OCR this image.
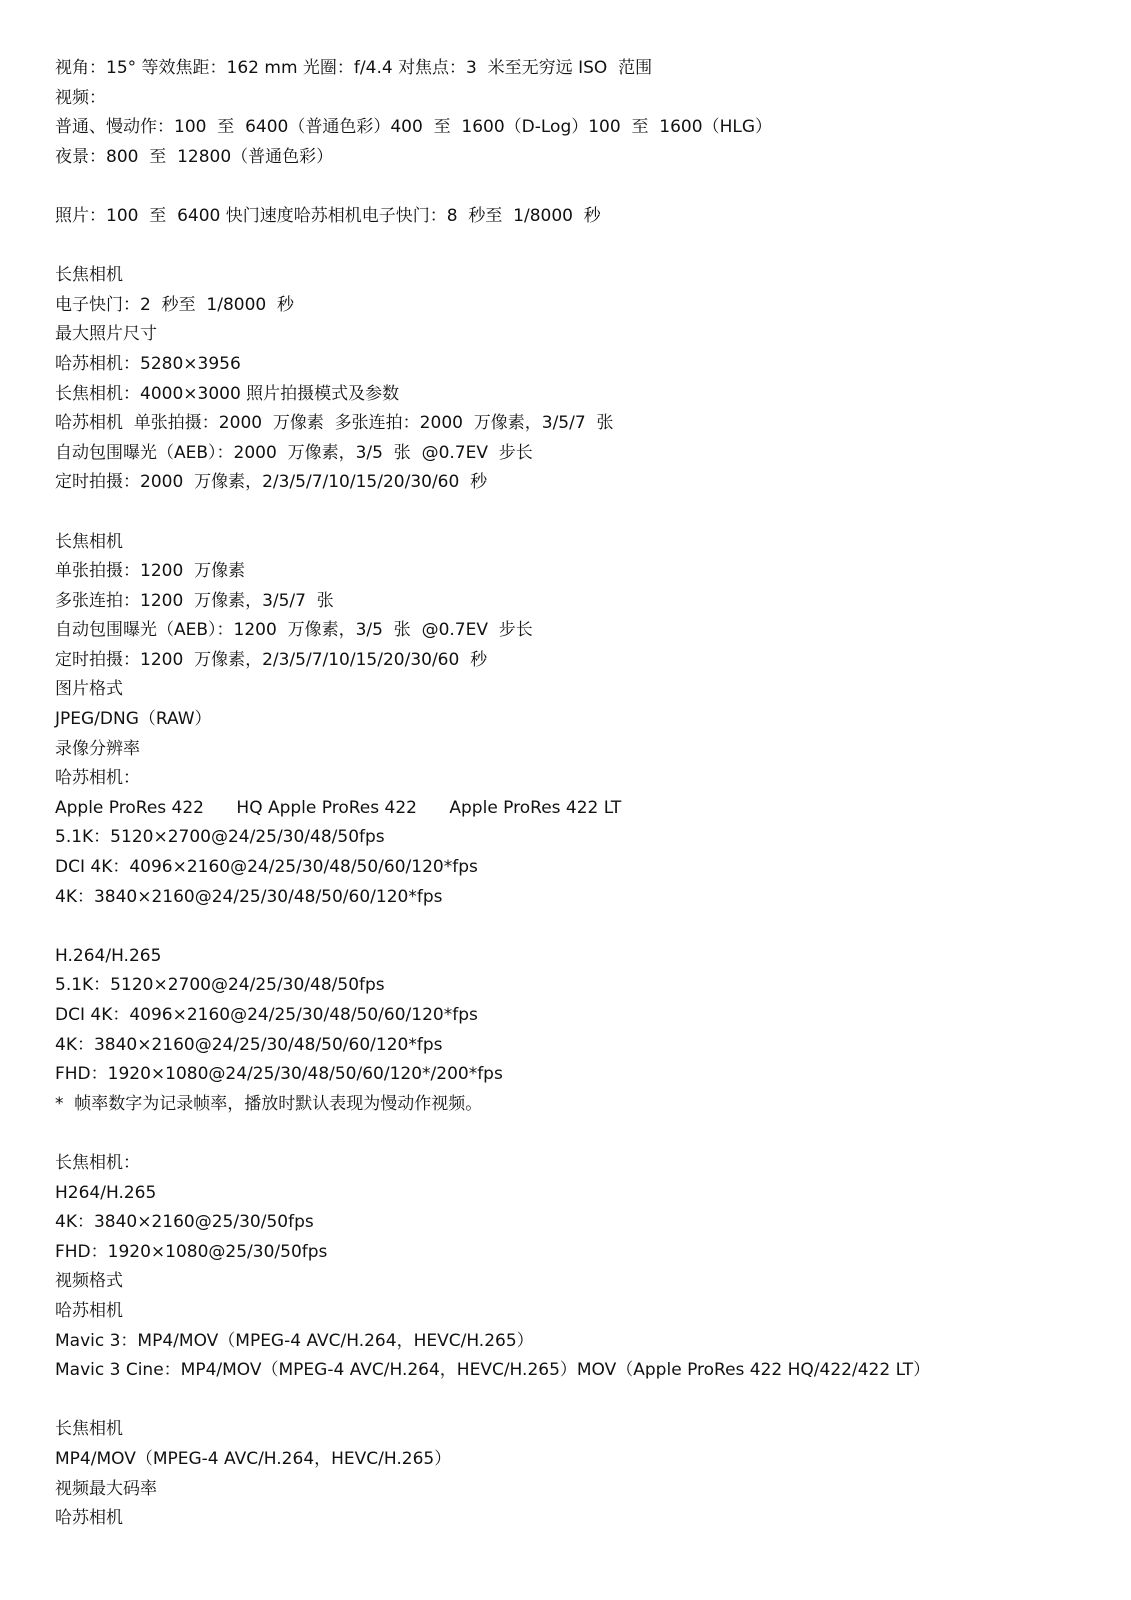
视角：15° 等效焦距：162 mm 光圈：f/4.4 对焦点：3  米至无穷远 ISO  范围
视频：
普通、慢动作：100  至  6400（普通色彩）400  至  1600（D-Log）100  至  1600（HLG）
夜景：800  至  12800（普通色彩）
照片：100  至  6400 快门速度哈苏相机电子快门：8  秒至  1/8000  秒
长焦相机
电子快门：2  秒至  1/8000  秒
最大照片尺寸
哈苏相机：5280×3956
长焦相机：4000×3000 照片拍摄模式及参数
哈苏相机  单张拍摄：2000  万像素  多张连拍：2000  万像素，3/5/7  张
自动包围曝光（AEB）：2000  万像素，3/5  张  @0.7EV  步长
定时拍摄：2000  万像素，2/3/5/7/10/15/20/30/60  秒
长焦相机
单张拍摄：1200  万像素
多张连拍：1200  万像素，3/5/7  张
自动包围曝光（AEB）：1200  万像素，3/5  张  @0.7EV  步长
定时拍摄：1200  万像素，2/3/5/7/10/15/20/30/60  秒
图片格式
JPEG/DNG（RAW）
录像分辨率
哈苏相机：
Apple ProRes 422      HQ Apple ProRes 422      Apple ProRes 422 LT
5.1K：5120×2700@24/25/30/48/50fps
DCI 4K：4096×2160@24/25/30/48/50/60/120*fps
4K：3840×2160@24/25/30/48/50/60/120*fps
H.264/H.265
5.1K：5120×2700@24/25/30/48/50fps
DCI 4K：4096×2160@24/25/30/48/50/60/120*fps
4K：3840×2160@24/25/30/48/50/60/120*fps
FHD：1920×1080@24/25/30/48/50/60/120*/200*fps
*  帧率数字为记录帧率，播放时默认表现为慢动作视频。
长焦相机：
H264/H.265
4K：3840×2160@25/30/50fps
FHD：1920×1080@25/30/50fps
视频格式
哈苏相机
Mavic 3：MP4/MOV（MPEG-4 AVC/H.264，HEVC/H.265）
Mavic 3 Cine：MP4/MOV（MPEG-4 AVC/H.264，HEVC/H.265）MOV（Apple ProRes 422 HQ/422/422 LT）
长焦相机
MP4/MOV（MPEG-4 AVC/H.264，HEVC/H.265）
视频最大码率
哈苏相机
